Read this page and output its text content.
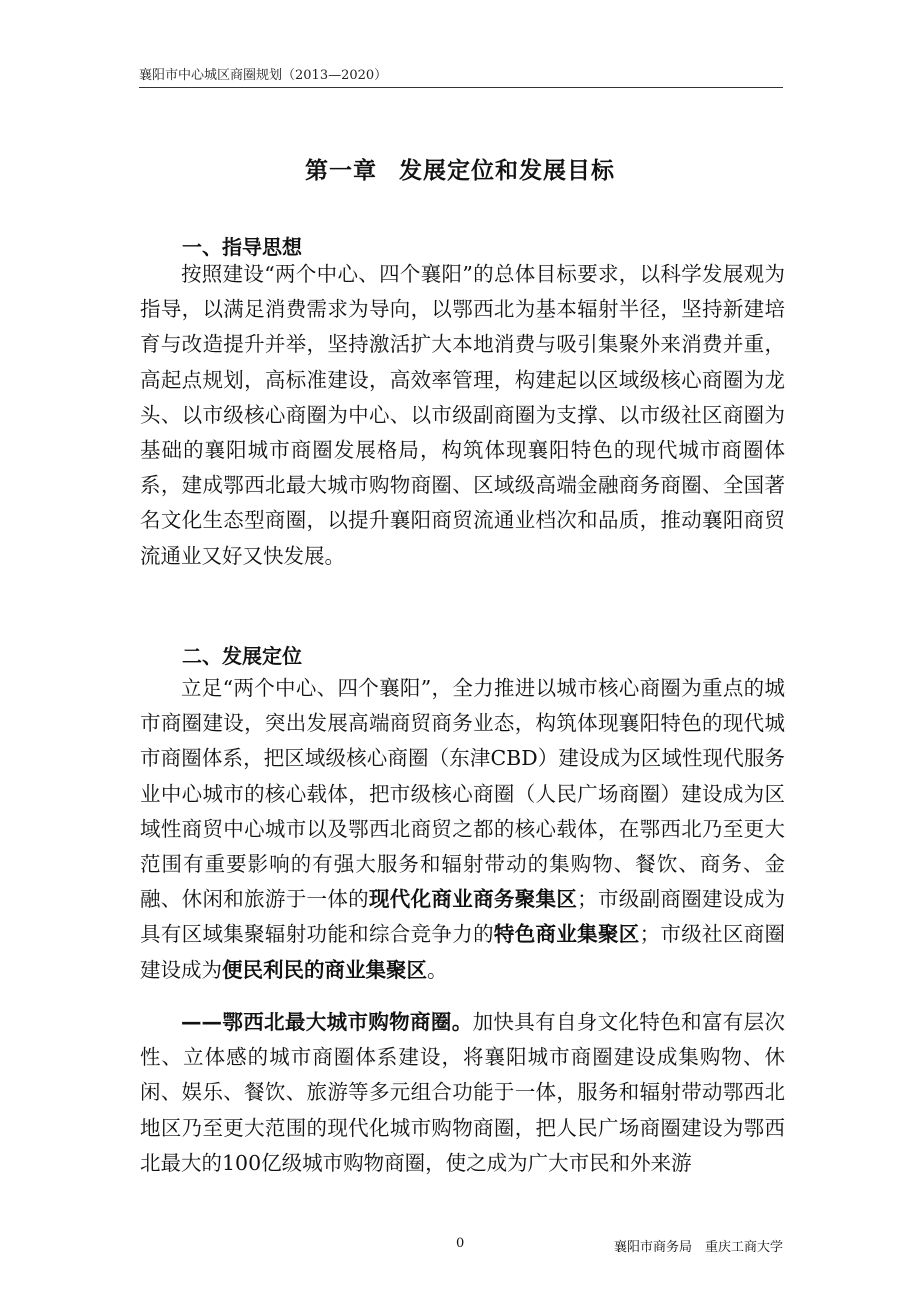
襄阳市中心城区商圈规划（2013—2020）
第一章 发展定位和发展目标
一、指导思想

按照建设“两个中心、四个襄阳”的总体目标要求，以科学发展观为指导，以满足消费需求为导向，以鄂西北为基本辐射半径，坚持新建培育与改造提升并举，坚持激活扩大本地消费与吸引集聚外来消费并重，高起点规划，高标准建设，高效率管理，构建起以区域级核心商圈为龙头、以市级核心商圈为中心、以市级副商圈为支撑、以市级社区商圈为基础的襄阳城市商圈发展格局，构筑体现襄阳特色的现代城市商圈体系，建成鄂西北最大城市购物商圈、区域级高端金融商务商圈、全国著名文化生态型商圈，以提升襄阳商贸流通业档次和品质，推动襄阳商贸流通业又好又快发展。

二、发展定位

立足“两个中心、四个襄阳”，全力推进以城市核心商圈为重点的城市商圈建设，突出发展高端商贸商务业态，构筑体现襄阳特色的现代城市商圈体系，把区域级核心商圈（东津CBD）建设成为区域性现代服务业中心城市的核心载体，把市级核心商圈（人民广场商圈）建设成为区域性商贸中心城市以及鄂西北商贸之都的核心载体，在鄂西北乃至更大范围有重要影响的有强大服务和辐射带动的集购物、餐饮、商务、金融、休闲和旅游于一体的现代化商业商务聚集区；市级副商圈建设成为具有区域集聚辐射功能和综合竞争力的特色商业集聚区；市级社区商圈建设成为便民利民的商业集聚区。

——鄂西北最大城市购物商圈。加快具有自身文化特色和富有层次性、立体感的城市商圈体系建设，将襄阳城市商圈建设成集购物、休闲、娱乐、餐饮、旅游等多元组合功能于一体，服务和辐射带动鄂西北地区乃至更大范围的现代化城市购物商圈，把人民广场商圈建设为鄂西北最大的100亿级城市购物商圈，使之成为广大市民和外来游

0	襄阳市商务局　重庆工商大学
